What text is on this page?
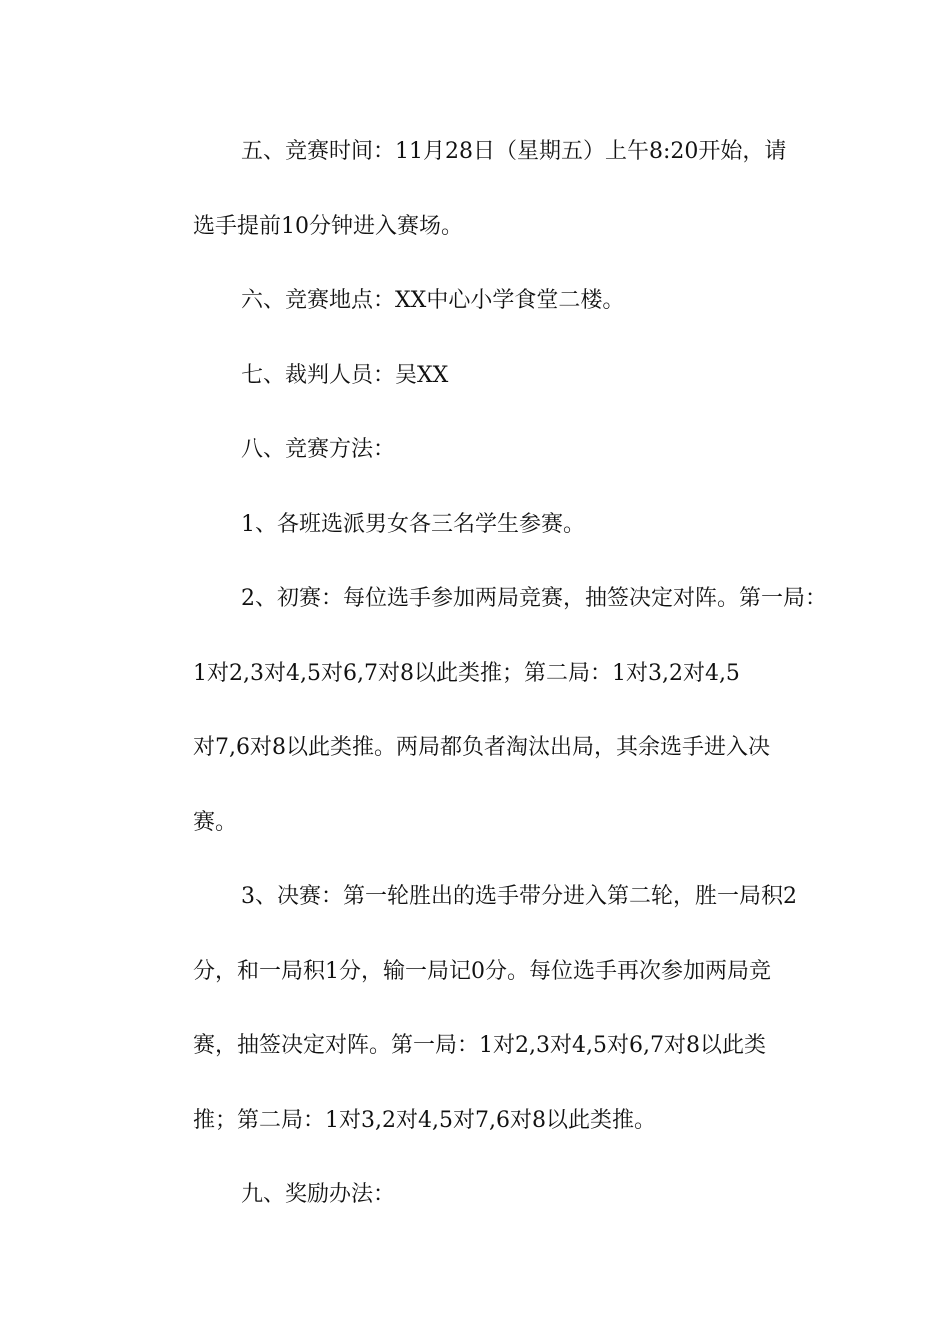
五、竞赛时间：11月28日（星期五）上午8:20开始，请
选手提前10分钟进入赛场。
六、竞赛地点：XX中心小学食堂二楼。
七、裁判人员：吴XX
八、竞赛方法：
1、各班选派男女各三名学生参赛。
2、初赛：每位选手参加两局竞赛，抽签决定对阵。第一局：
1对2,3对4,5对6,7对8以此类推；第二局：1对3,2对4,5
对7,6对8以此类推。两局都负者淘汰出局，其余选手进入决
赛。
3、决赛：第一轮胜出的选手带分进入第二轮，胜一局积2
分，和一局积1分，输一局记0分。每位选手再次参加两局竞
赛，抽签决定对阵。第一局：1对2,3对4,5对6,7对8以此类
推；第二局：1对3,2对4,5对7,6对8以此类推。
九、奖励办法：
